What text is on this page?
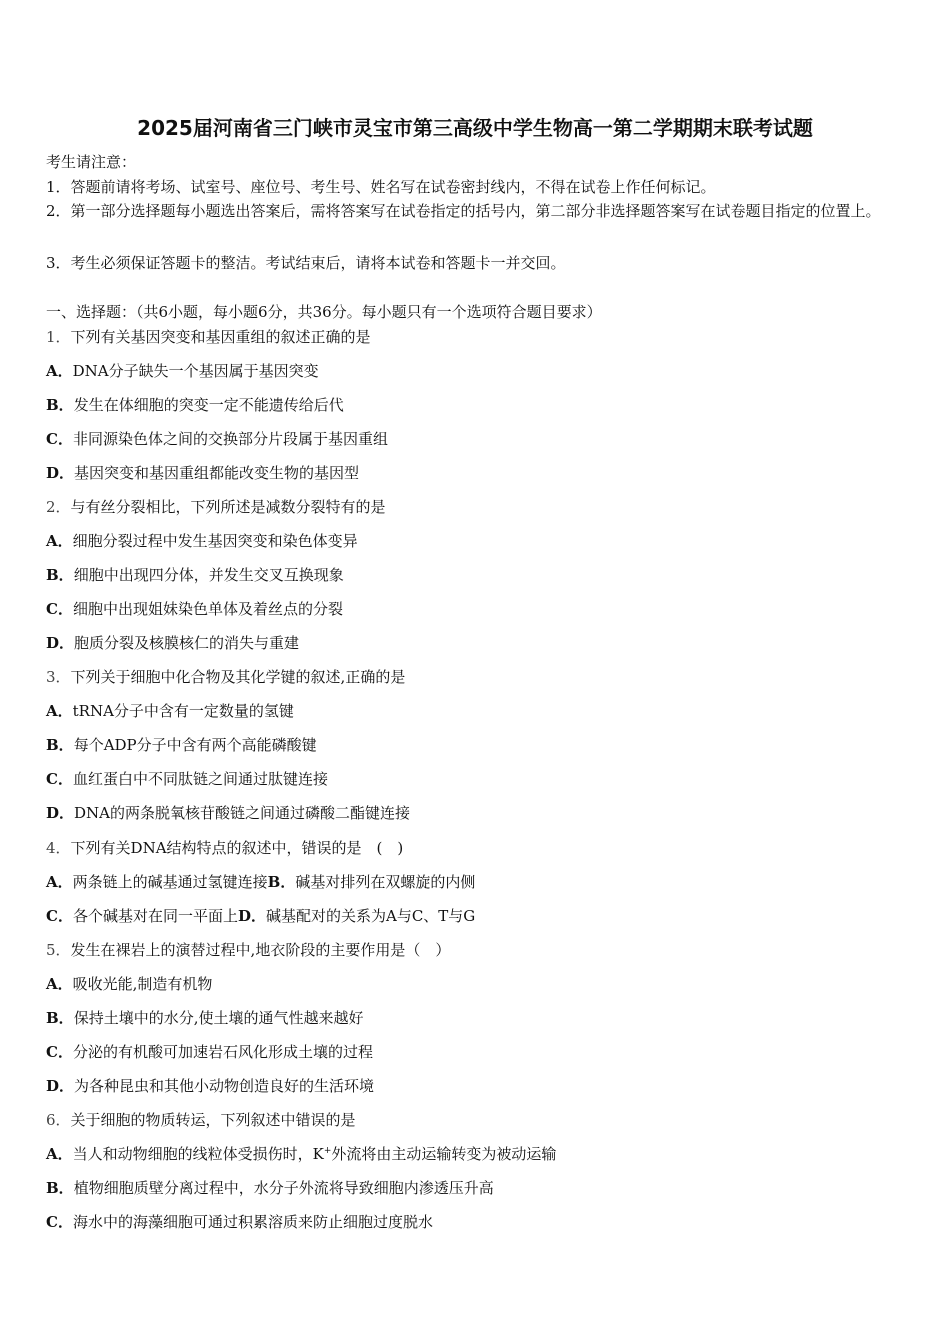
2025届河南省三门峡市灵宝市第三高级中学生物高一第二学期期末联考试题
考生请注意：
1．答题前请将考场、试室号、座位号、考生号、姓名写在试卷密封线内，不得在试卷上作任何标记。
2．第一部分选择题每小题选出答案后，需将答案写在试卷指定的括号内，第二部分非选择题答案写在试卷题目指定的位置上。
3．考生必须保证答题卡的整洁。考试结束后，请将本试卷和答题卡一并交回。
一、选择题：（共6小题，每小题6分，共36分。每小题只有一个选项符合题目要求）
1．下列有关基因突变和基因重组的叙述正确的是
A．DNA分子缺失一个基因属于基因突变
B．发生在体细胞的突变一定不能遗传给后代
C．非同源染色体之间的交换部分片段属于基因重组
D．基因突变和基因重组都能改变生物的基因型
2．与有丝分裂相比，下列所述是减数分裂特有的是
A．细胞分裂过程中发生基因突变和染色体变异
B．细胞中出现四分体，并发生交叉互换现象
C．细胞中出现姐妹染色单体及着丝点的分裂
D．胞质分裂及核膜核仁的消失与重建
3．下列关于细胞中化合物及其化学键的叙述,正确的是
A．tRNA分子中含有一定数量的氢键
B．每个ADP分子中含有两个高能磷酸键
C．血红蛋白中不同肽链之间通过肽键连接
D．DNA的两条脱氧核苷酸链之间通过磷酸二酯键连接
4．下列有关DNA结构特点的叙述中，错误的是　(　)
A．两条链上的碱基通过氢键连接B．碱基对排列在双螺旋的内侧
C．各个碱基对在同一平面上D．碱基配对的关系为A与C、T与G
5．发生在裸岩上的演替过程中,地衣阶段的主要作用是（　）
A．吸收光能,制造有机物
B．保持土壤中的水分,使土壤的通气性越来越好
C．分泌的有机酸可加速岩石风化形成土壤的过程
D．为各种昆虫和其他小动物创造良好的生活环境
6．关于细胞的物质转运，下列叙述中错误的是
A．当人和动物细胞的线粒体受损伤时，K+外流将由主动运输转变为被动运输
B．植物细胞质壁分离过程中，水分子外流将导致细胞内渗透压升高
C．海水中的海藻细胞可通过积累溶质来防止细胞过度脱水
